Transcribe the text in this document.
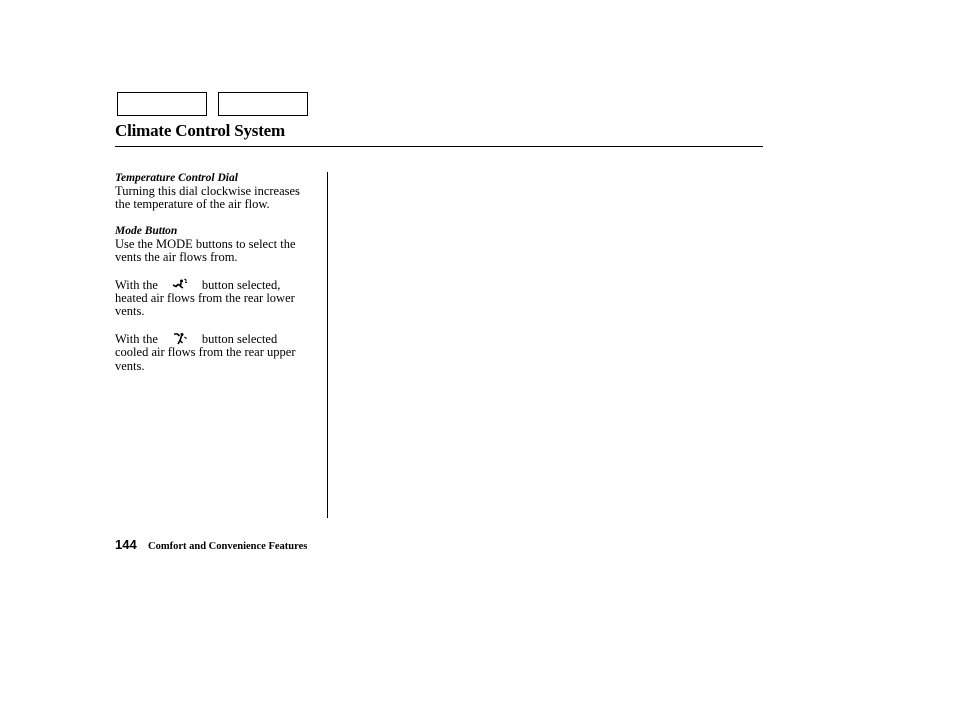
Climate Control System

Temperature Control Dial

Turning this dial clockwise increases

the temperature of the air flow.

Mode Button

Use the MODE buttons to select the

vents the air flows from.

With the	button selected,

heated air flows from the rear lower

vents.

With the	button selected

cooled air flows from the rear upper

vents.

144 Comfort and Convenience Features
